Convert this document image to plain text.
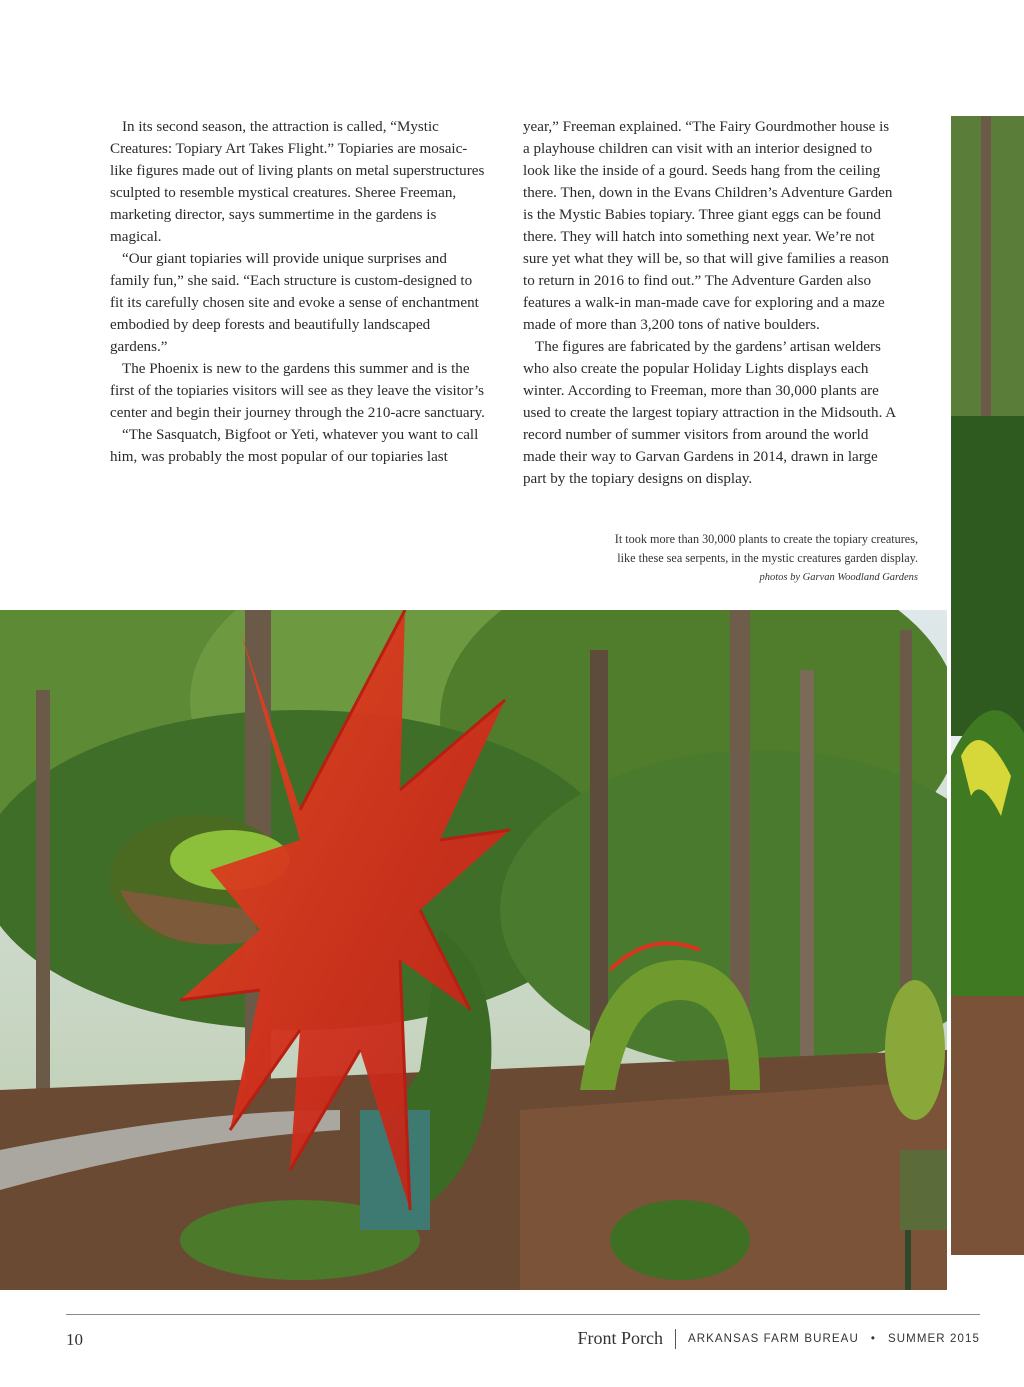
In its second season, the attraction is called, “Mystic Creatures: Topiary Art Takes Flight.” Topiaries are mosaic-like figures made out of living plants on metal superstructures sculpted to resemble mystical creatures. Sheree Freeman, marketing director, says summertime in the gardens is magical.

“Our giant topiaries will provide unique surprises and family fun,” she said. “Each structure is custom-designed to fit its carefully chosen site and evoke a sense of enchantment embodied by deep forests and beautifully landscaped gardens.”

The Phoenix is new to the gardens this summer and is the first of the topiaries visitors will see as they leave the visitor’s center and begin their journey through the 210-acre sanctuary.

“The Sasquatch, Bigfoot or Yeti, whatever you want to call him, was probably the most popular of our topiaries last

year,” Freeman explained. “The Fairy Gourdmother house is a playhouse children can visit with an interior designed to look like the inside of a gourd. Seeds hang from the ceiling there. Then, down in the Evans Children’s Adventure Garden is the Mystic Babies topiary. Three giant eggs can be found there. They will hatch into something next year. We’re not sure yet what they will be, so that will give families a reason to return in 2016 to find out.” The Adventure Garden also features a walk-in man-made cave for exploring and a maze made of more than 3,200 tons of native boulders.

The figures are fabricated by the gardens’ artisan welders who also create the popular Holiday Lights displays each winter. According to Freeman, more than 30,000 plants are used to create the largest topiary attraction in the Midsouth. A record number of summer visitors from around the world made their way to Garvan Gardens in 2014, drawn in large part by the topiary designs on display.

It took more than 30,000 plants to create the topiary creatures,
like these sea serpents, in the mystic creatures garden display.
photos by Garvan Woodland Gardens
10	Front Porch ARKANSAS FARM BUREAU • SUMMER 2015
